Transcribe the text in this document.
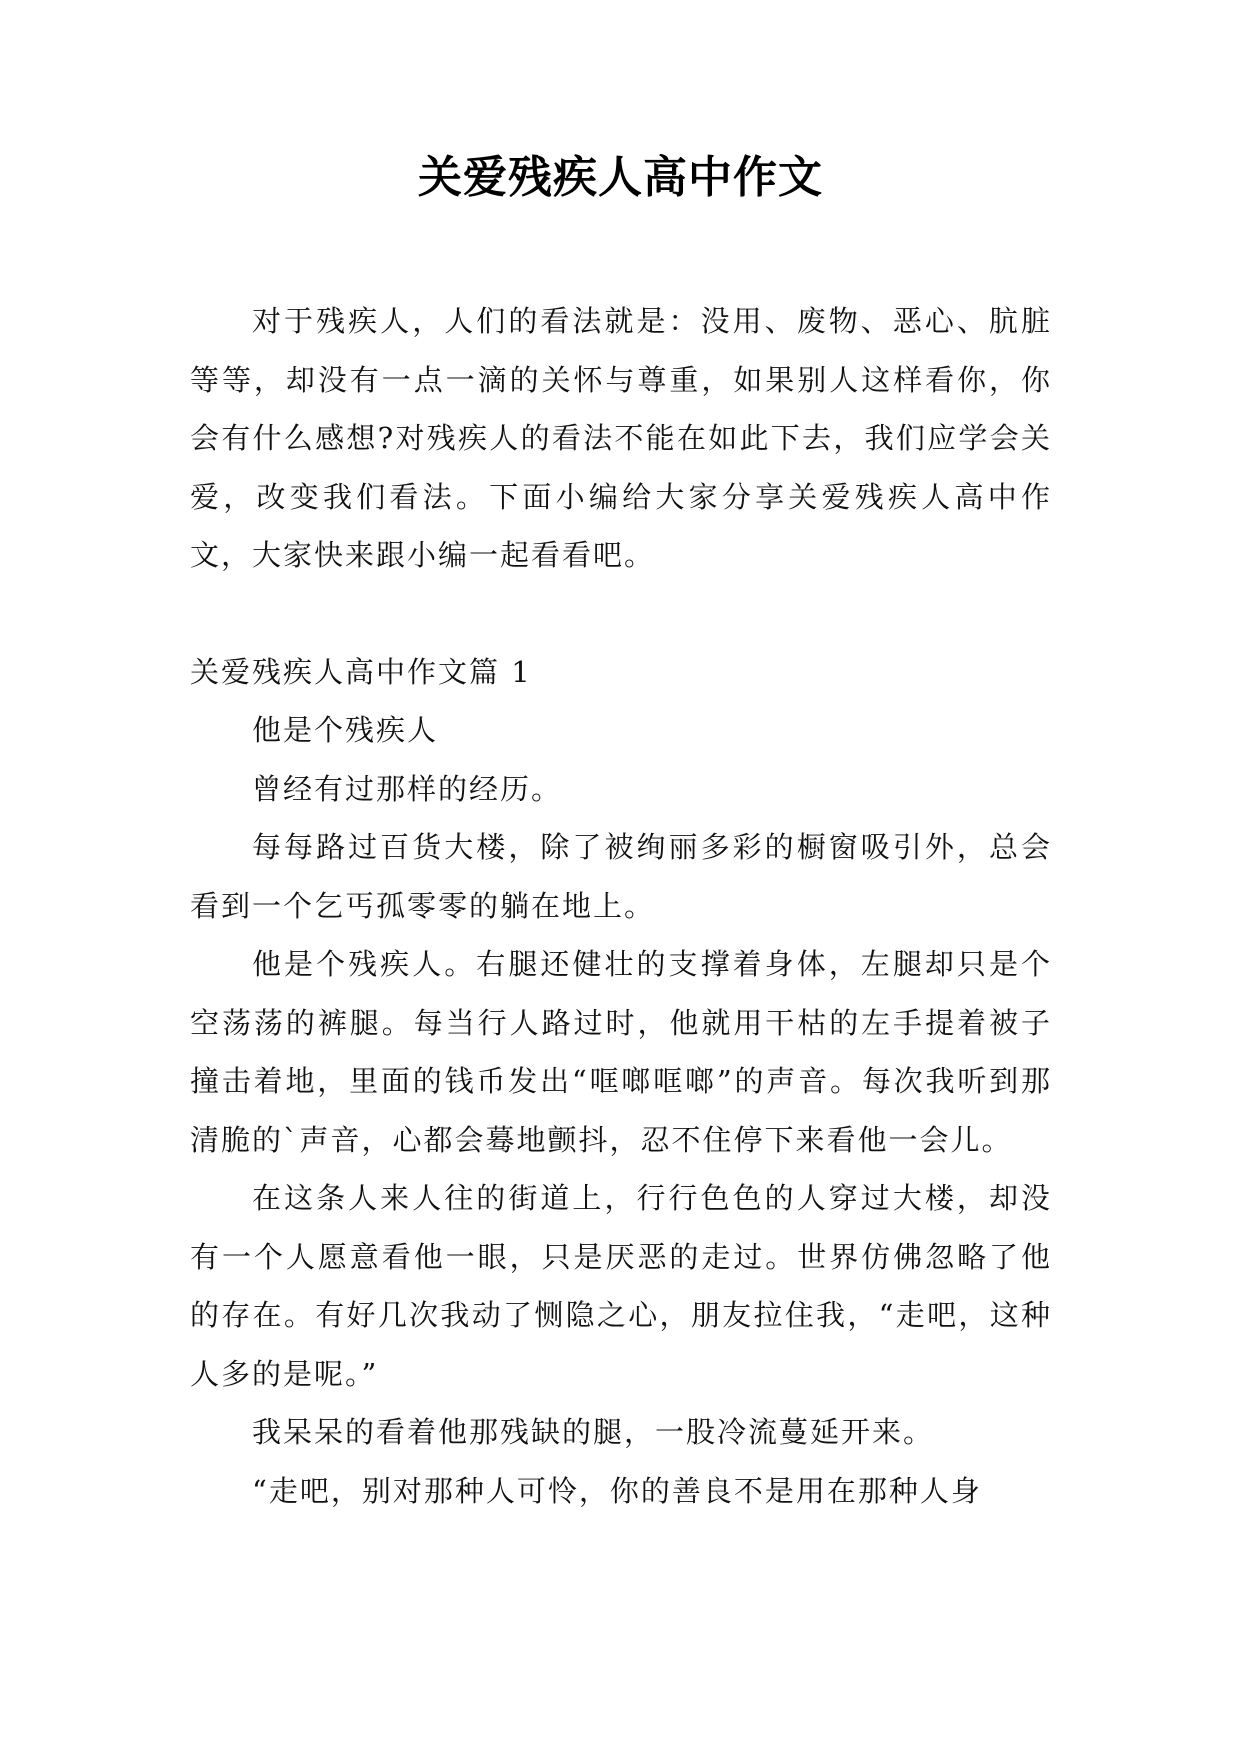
关爱残疾人高中作文

对于残疾人，人们的看法就是：没用、废物、恶心、肮脏等等，却没有一点一滴的关怀与尊重，如果别人这样看你，你会有什么感想?对残疾人的看法不能在如此下去，我们应学会关爱，改变我们看法。下面小编给大家分享关爱残疾人高中作文，大家快来跟小编一起看看吧。

关爱残疾人高中作文篇 1

他是个残疾人

曾经有过那样的经历。

每每路过百货大楼，除了被绚丽多彩的橱窗吸引外，总会看到一个乞丐孤零零的躺在地上。

他是个残疾人。右腿还健壮的支撑着身体，左腿却只是个空荡荡的裤腿。每当行人路过时，他就用干枯的左手提着被子撞击着地，里面的钱币发出“哐啷哐啷”的声音。每次我听到那清脆的`声音，心都会蓦地颤抖，忍不住停下来看他一会儿。

在这条人来人往的街道上，行行色色的人穿过大楼，却没有一个人愿意看他一眼，只是厌恶的走过。世界仿佛忽略了他的存在。有好几次我动了恻隐之心，朋友拉住我，“走吧，这种人多的是呢。”

我呆呆的看着他那残缺的腿，一股冷流蔓延开来。

“走吧，别对那种人可怜，你的善良不是用在那种人身
